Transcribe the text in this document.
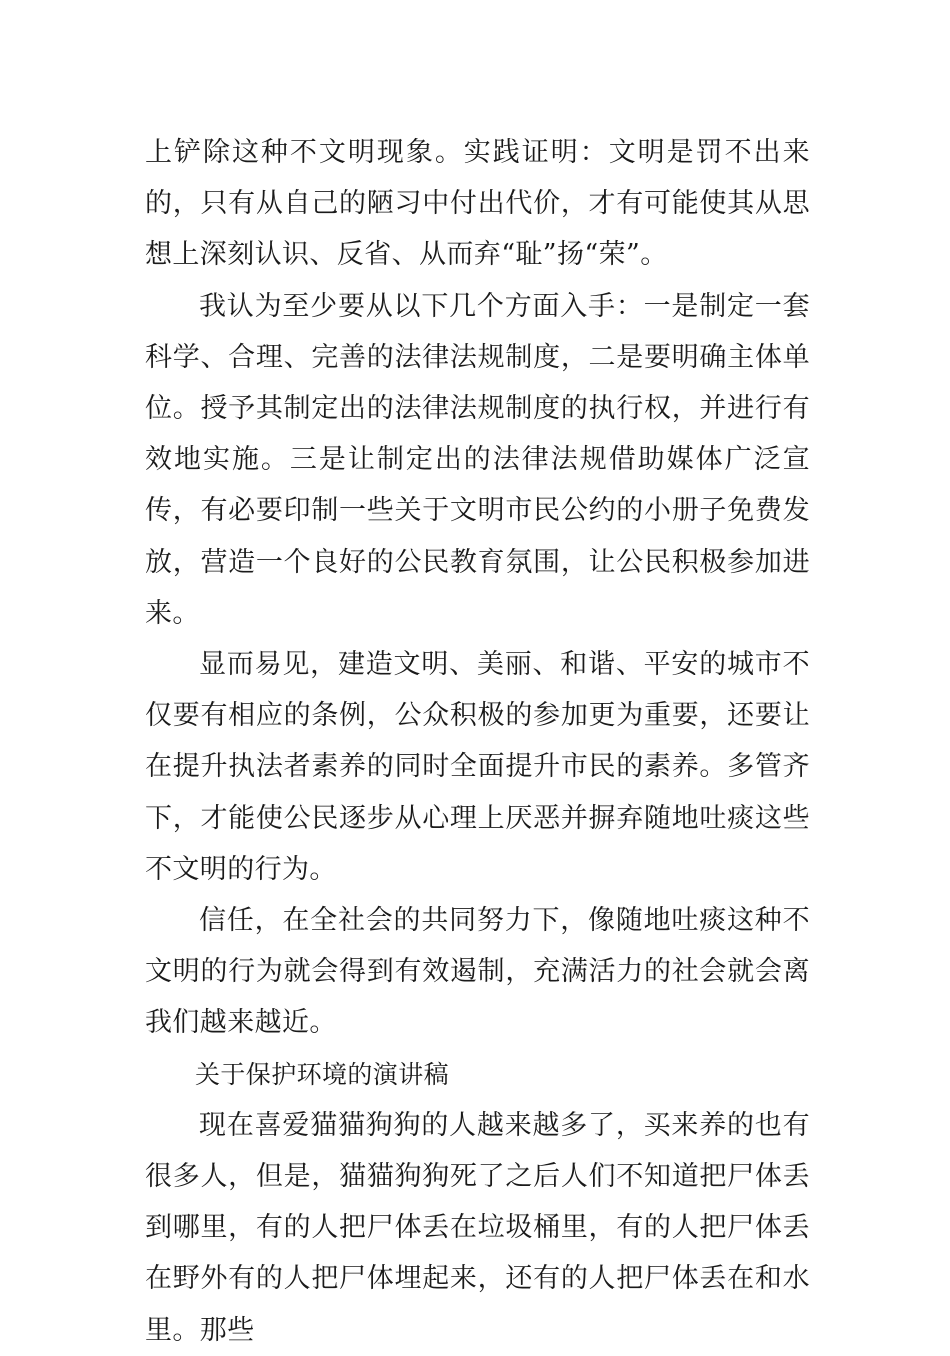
上铲除这种不文明现象。实践证明：文明是罚不出来的，只有从自己的陋习中付出代价，才有可能使其从思想上深刻认识、反省、从而弃“耻”扬“荣”。

我认为至少要从以下几个方面入手：一是制定一套科学、合理、完善的法律法规制度，二是要明确主体单位。授予其制定出的法律法规制度的执行权，并进行有效地实施。三是让制定出的法律法规借助媒体广泛宣传，有必要印制一些关于文明市民公约的小册子免费发放，营造一个良好的公民教育氛围，让公民积极参加进来。

显而易见，建造文明、美丽、和谐、平安的城市不仅要有相应的条例，公众积极的参加更为重要，还要让在提升执法者素养的同时全面提升市民的素养。多管齐下，才能使公民逐步从心理上厌恶并摒弃随地吐痰这些不文明的行为。

信任，在全社会的共同努力下，像随地吐痰这种不文明的行为就会得到有效遏制，充满活力的社会就会离我们越来越近。

关于保护环境的演讲稿

现在喜爱猫猫狗狗的人越来越多了，买来养的也有很多人，但是，猫猫狗狗死了之后人们不知道把尸体丢到哪里，有的人把尸体丢在垃圾桶里，有的人把尸体丢在野外有的人把尸体埋起来，还有的人把尸体丢在和水里。那些
